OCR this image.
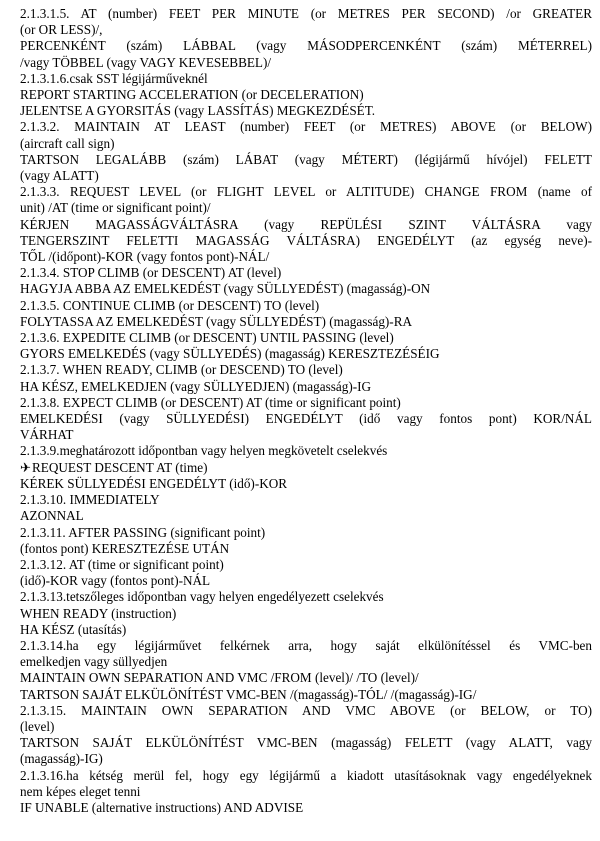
2.1.3.1.5. AT (number) FEET PER MINUTE (or METRES PER SECOND) /or GREATER

(or OR LESS)/,

PERCENKÉNT (szám) LÁBBAL (vagy MÁSODPERCENKÉNT (szám) MÉTERREL)

/vagy TÖBBEL (vagy VAGY KEVESEBBEL)/

2.1.3.1.6.csak SST légijárműveknél

REPORT STARTING ACCELERATION (or DECELERATION)

JELENTSE A GYORSITÁS (vagy LASSÍTÁS) MEGKEZDÉSÉT.

2.1.3.2. MAINTAIN AT LEAST (number) FEET (or METRES) ABOVE (or BELOW)

(aircraft call sign)

TARTSON LEGALÁBB (szám) LÁBAT (vagy MÉTERT) (légijármű hívójel) FELETT

(vagy ALATT)

2.1.3.3. REQUEST LEVEL (or FLIGHT LEVEL or ALTITUDE) CHANGE FROM (name of

unit) /AT (time or significant point)/

KÉRJEN MAGASSÁGVÁLTÁSRA (vagy REPÜLÉSI SZINT VÁLTÁSRA vagy

TENGERSZINT FELETTI MAGASSÁG VÁLTÁSRA) ENGEDÉLYT (az egység neve)-

TŐL /(időpont)-KOR (vagy fontos pont)-NÁL/

2.1.3.4. STOP CLIMB (or DESCENT) AT (level)

HAGYJA ABBA AZ EMELKEDÉST (vagy SÜLLYEDÉST) (magasság)-ON

2.1.3.5. CONTINUE CLIMB (or DESCENT) TO (level)

FOLYTASSA AZ EMELKEDÉST (vagy SÜLLYEDÉST) (magasság)-RA

2.1.3.6. EXPEDITE CLIMB (or DESCENT) UNTIL PASSING (level)

GYORS EMELKEDÉS (vagy SÜLLYEDÉS) (magasság) KERESZTEZÉSÉIG

2.1.3.7. WHEN READY, CLIMB (or DESCEND) TO (level)

HA KÉSZ, EMELKEDJEN (vagy SÜLLYEDJEN) (magasság)-IG

2.1.3.8. EXPECT CLIMB (or DESCENT) AT (time or significant point)

EMELKEDÉSI (vagy SÜLLYEDÉSI) ENGEDÉLYT (idő vagy fontos pont) KOR/NÁL

VÁRHAT

2.1.3.9.meghatározott időpontban vagy helyen megkövetelt cselekvés

✈REQUEST DESCENT AT (time)

KÉREK SÜLLYEDÉSI ENGEDÉLYT (idő)-KOR

2.1.3.10. IMMEDIATELY

AZONNAL

2.1.3.11. AFTER PASSING (significant point)

(fontos pont) KERESZTEZÉSE UTÁN

2.1.3.12. AT (time or significant point)

(idő)-KOR vagy (fontos pont)-NÁL

2.1.3.13.tetszőleges időpontban vagy helyen engedélyezett cselekvés

WHEN READY (instruction)

HA KÉSZ (utasítás)

2.1.3.14.ha egy légijárművet felkérnek arra, hogy saját elkülönítéssel és VMC-ben

emelkedjen vagy süllyedjen

MAINTAIN OWN SEPARATION AND VMC /FROM (level)/ /TO (level)/

TARTSON SAJÁT ELKÜLÖNÍTÉST VMC-BEN /(magasság)-TÓL/ /(magasság)-IG/

2.1.3.15. MAINTAIN OWN SEPARATION AND VMC ABOVE (or BELOW, or TO)

(level)

TARTSON SAJÁT ELKÜLÖNÍTÉST VMC-BEN (magasság) FELETT (vagy ALATT, vagy

(magasság)-IG)

2.1.3.16.ha kétség merül fel, hogy egy légijármű a kiadott utasításoknak vagy engedélyeknek

nem képes eleget tenni

IF UNABLE (alternative instructions) AND ADVISE
